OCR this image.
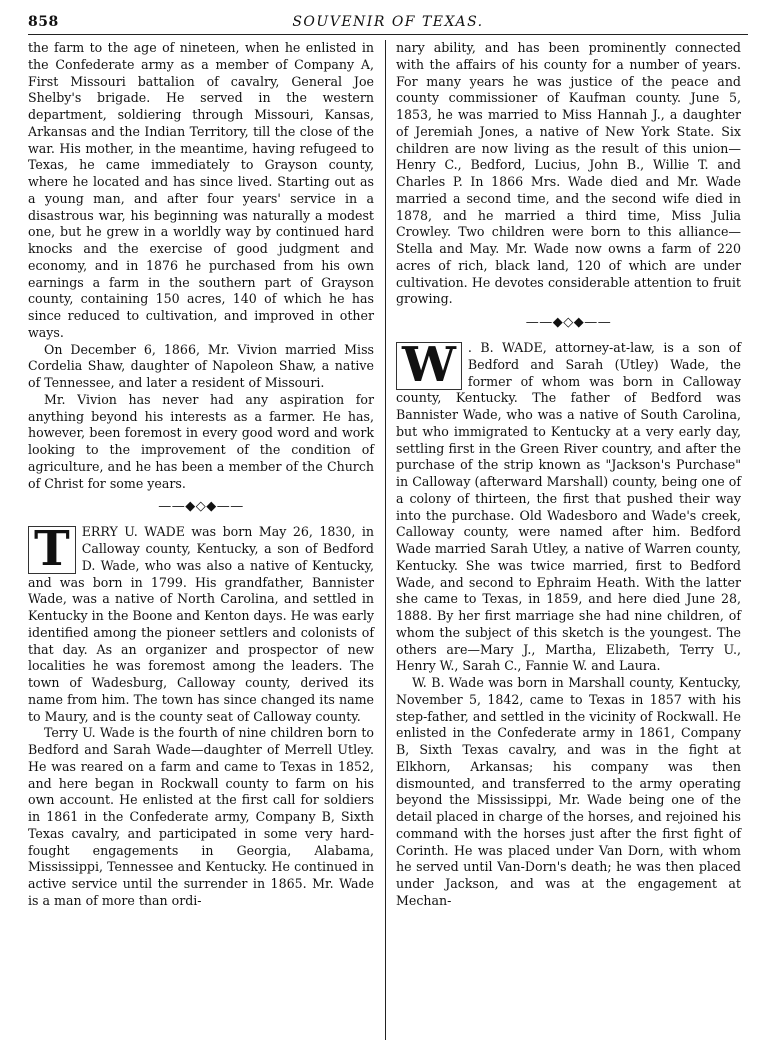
858	SOUVENIR OF TEXAS.

the farm to the age of nineteen, when he enlisted in the Confederate army as a member of Company A, First Missouri battalion of cavalry, General Joe Shelby's brigade. He served in the western department, soldiering through Missouri, Kansas, Arkansas and the Indian Territory, till the close of the war. His mother, in the meantime, having refugeed to Texas, he came immediately to Grayson county, where he located and has since lived. Starting out as a young man, and after four years' service in a disastrous war, his beginning was naturally a modest one, but he grew in a worldly way by continued hard knocks and the exercise of good judgment and economy, and in 1876 he purchased from his own earnings a farm in the southern part of Grayson county, containing 150 acres, 140 of which he has since reduced to cultivation, and improved in other ways.

On December 6, 1866, Mr. Vivion married Miss Cordelia Shaw, daughter of Napoleon Shaw, a native of Tennessee, and later a resident of Missouri.

Mr. Vivion has never had any aspiration for anything beyond his interests as a farmer. He has, however, been foremost in every good word and work looking to the improvement of the condition of agriculture, and he has been a member of the Church of Christ for some years.

——◆◇◆——

T ERRY U. WADE was born May 26, 1830, in Calloway county, Kentucky, a son of Bedford D. Wade, who was also a native of Kentucky, and was born in 1799. His grandfather, Bannister Wade, was a native of North Carolina, and settled in Kentucky in the Boone and Kenton days. He was early identified among the pioneer settlers and colonists of that day. As an organizer and prospector of new localities he was foremost among the leaders. The town of Wadesburg, Calloway county, derived its name from him. The town has since changed its name to Maury, and is the county seat of Calloway county.

Terry U. Wade is the fourth of nine children born to Bedford and Sarah Wade—daughter of Merrell Utley. He was reared on a farm and came to Texas in 1852, and here began in Rockwall county to farm on his own account. He enlisted at the first call for soldiers in 1861 in the Confederate army, Company B, Sixth Texas cavalry, and participated in some very hard-fought engagements in Georgia, Alabama, Mississippi, Tennessee and Kentucky. He continued in active service until the surrender in 1865. Mr. Wade is a man of more than ordi-

nary ability, and has been prominently connected with the affairs of his county for a number of years. For many years he was justice of the peace and county commissioner of Kaufman county. June 5, 1853, he was married to Miss Hannah J., a daughter of Jeremiah Jones, a native of New York State. Six children are now living as the result of this union—Henry C., Bedford, Lucius, John B., Willie T. and Charles P. In 1866 Mrs. Wade died and Mr. Wade married a second time, and the second wife died in 1878, and he married a third time, Miss Julia Crowley. Two children were born to this alliance—Stella and May. Mr. Wade now owns a farm of 220 acres of rich, black land, 120 of which are under cultivation. He devotes considerable attention to fruit growing.

——◆◇◆——

W . B. WADE, attorney-at-law, is a son of Bedford and Sarah (Utley) Wade, the former of whom was born in Calloway county, Kentucky. The father of Bedford was Bannister Wade, who was a native of South Carolina, but who immigrated to Kentucky at a very early day, settling first in the Green River country, and after the purchase of the strip known as "Jackson's Purchase" in Calloway (afterward Marshall) county, being one of a colony of thirteen, the first that pushed their way into the purchase. Old Wadesboro and Wade's creek, Calloway county, were named after him. Bedford Wade married Sarah Utley, a native of Warren county, Kentucky. She was twice married, first to Bedford Wade, and second to Ephraim Heath. With the latter she came to Texas, in 1859, and here died June 28, 1888. By her first marriage she had nine children, of whom the subject of this sketch is the youngest. The others are—Mary J., Martha, Elizabeth, Terry U., Henry W., Sarah C., Fannie W. and Laura.

W. B. Wade was born in Marshall county, Kentucky, November 5, 1842, came to Texas in 1857 with his step-father, and settled in the vicinity of Rockwall. He enlisted in the Confederate army in 1861, Company B, Sixth Texas cavalry, and was in the fight at Elkhorn, Arkansas; his company was then dismounted, and transferred to the army operating beyond the Mississippi, Mr. Wade being one of the detail placed in charge of the horses, and rejoined his command with the horses just after the first fight of Corinth. He was placed under Van Dorn, with whom he served until Van-Dorn's death; he was then placed under Jackson, and was at the engagement at Mechan-
